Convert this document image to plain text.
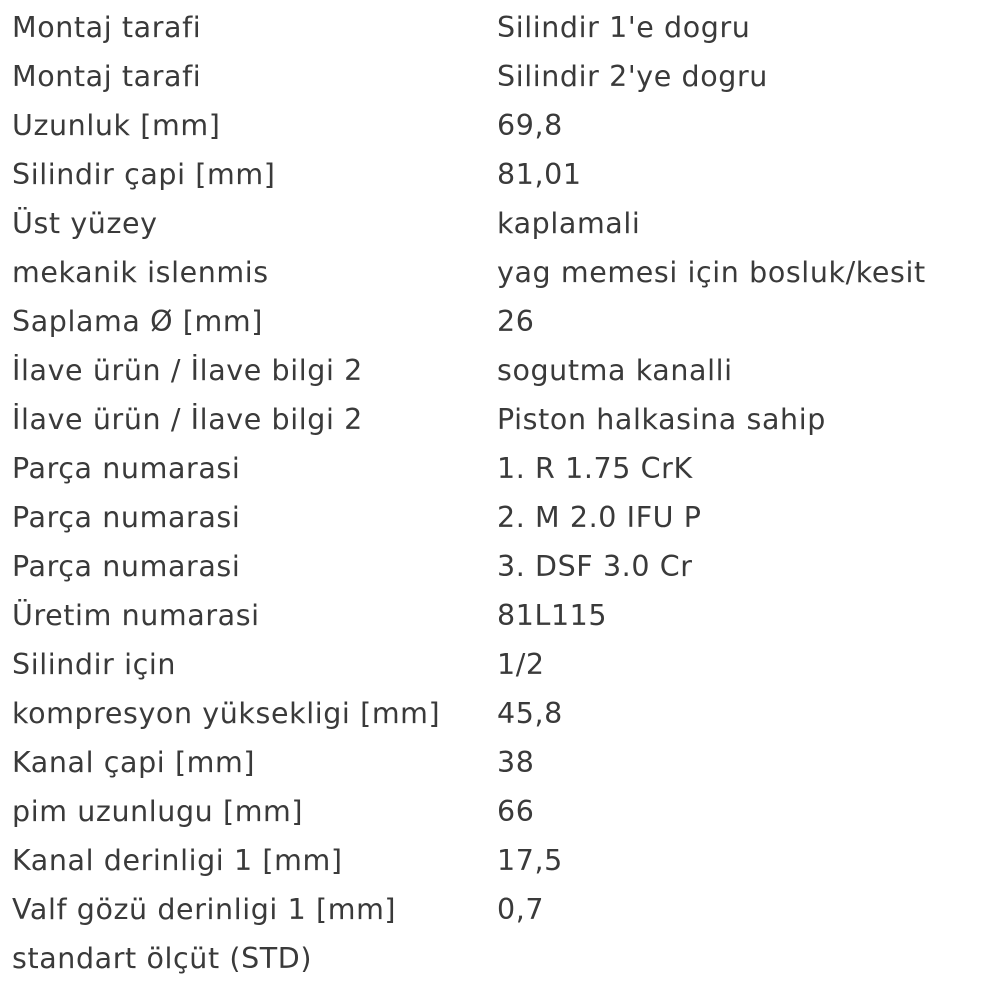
Montaj tarafi	Silindir 1'e dogru
Montaj tarafi	Silindir 2'ye dogru
Uzunluk [mm]	69,8
Silindir çapi [mm]	81,01
Üst yüzey	kaplamali
mekanik islenmis	yag memesi için bosluk/kesit
Saplama Ø [mm]	26
İlave ürün / İlave bilgi 2	sogutma kanalli
İlave ürün / İlave bilgi 2	Piston halkasina sahip
Parça numarasi	1. R 1.75 CrK
Parça numarasi	2. M 2.0 IFU P
Parça numarasi	3. DSF 3.0 Cr
Üretim numarasi	81L115
Silindir için	1/2
kompresyon yüksekligi [mm]	45,8
Kanal çapi [mm]	38
pim uzunlugu [mm]	66
Kanal derinligi 1 [mm]	17,5
Valf gözü derinligi 1 [mm]	0,7
standart ölçüt (STD)
